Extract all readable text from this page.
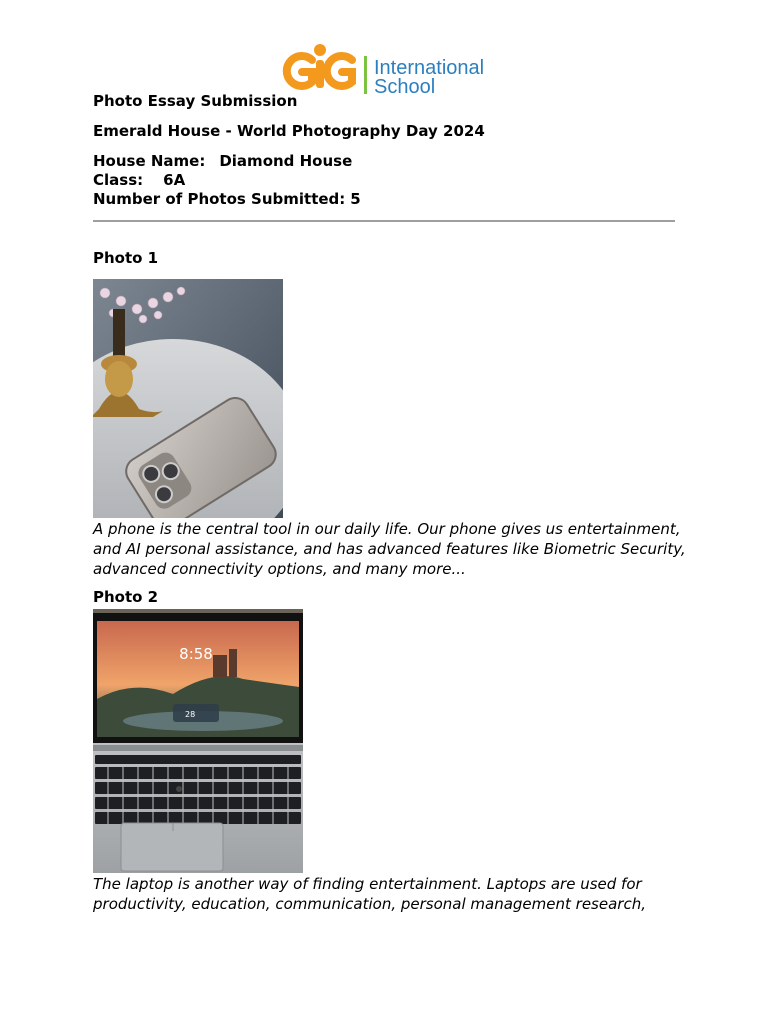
International
School
Photo Essay Submission
Emerald House - World Photography Day 2024
House Name: Diamond House
Class: 6A
Number of Photos Submitted: 5
Photo 1
A phone is the central tool in our daily life. Our phone gives us entertainment, and AI personal assistance, and has advanced features like Biometric Security, advanced connectivity options, and many more...
Photo 2
8:58
28
The laptop is another way of finding entertainment. Laptops are used for productivity, education, communication, personal management research,
